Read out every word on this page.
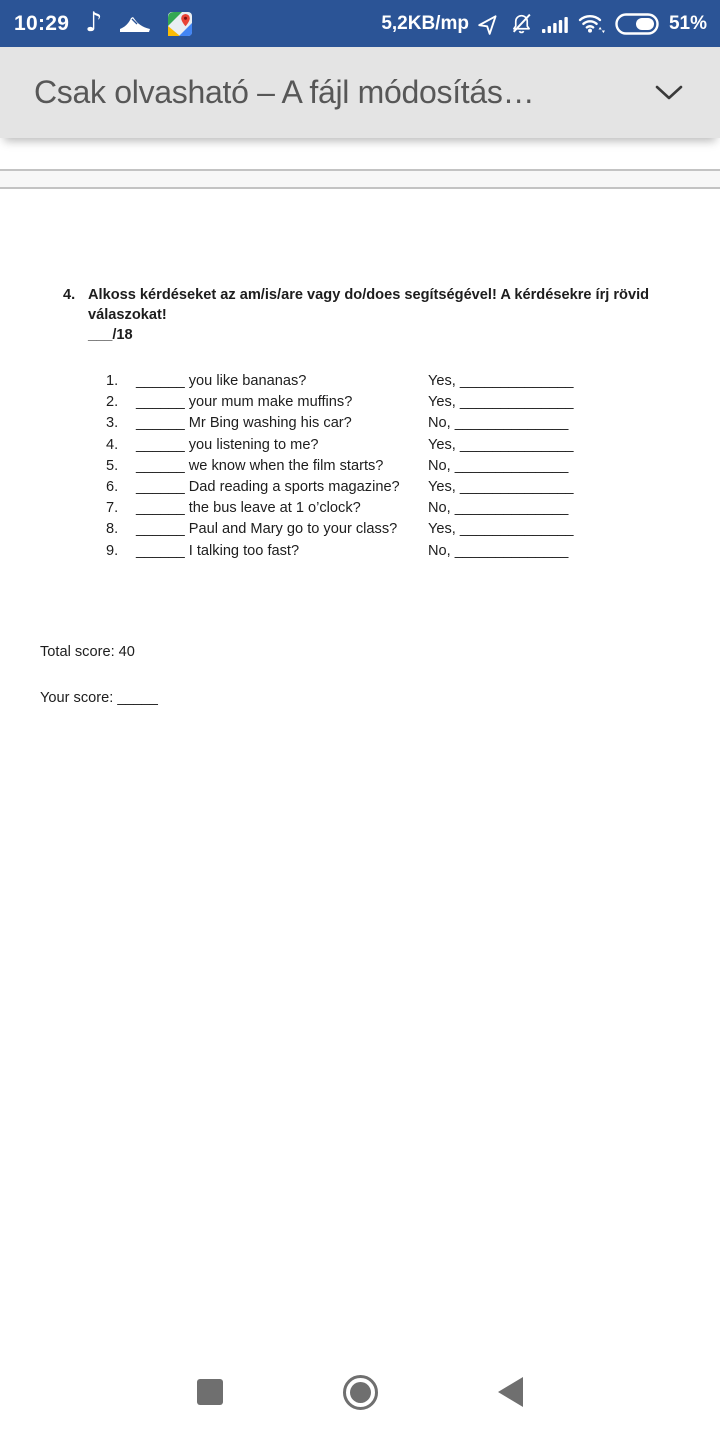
10:29 ♪	5,2KB/mp	51%
Csak olvasható – A fájl módosítás…
4. Alkoss kérdéseket az am/is/are vagy do/does segítségével! A kérdésekre írj rövid válaszokat!
___/18
1.	______ you like bananas?	Yes, ______________
2.	______ your mum make muffins?	Yes, ______________
3.	______ Mr Bing washing his car?	No, ______________
4.	______ you listening to me?	Yes, ______________
5.	______ we know when the film starts?	No, ______________
6.	______ Dad reading a sports magazine?	Yes, ______________
7.	______ the bus leave at 1 o’clock?	No, ______________
8.	______ Paul and Mary go to your class?	Yes, ______________
9.	______ I talking too fast?	No, ______________
Total score: 40
Your score: _____
